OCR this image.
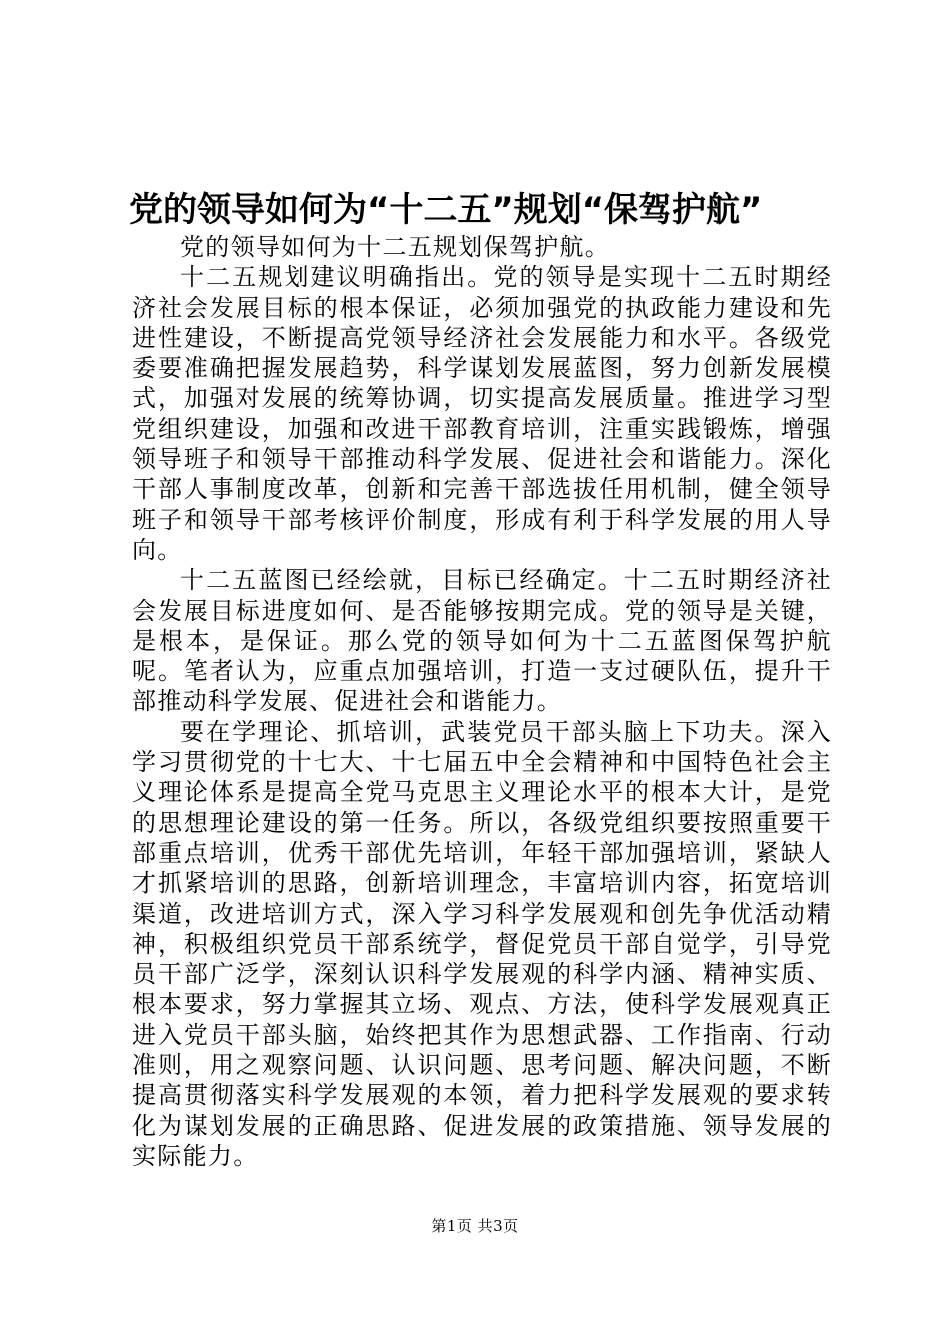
党的领导如何为“十二五”规划“保驾护航”

党的领导如何为十二五规划保驾护航。

十二五规划建议明确指出。党的领导是实现十二五时期经济社会发展目标的根本保证，必须加强党的执政能力建设和先进性建设，不断提高党领导经济社会发展能力和水平。各级党委要准确把握发展趋势，科学谋划发展蓝图，努力创新发展模式，加强对发展的统筹协调，切实提高发展质量。推进学习型党组织建设，加强和改进干部教育培训，注重实践锻炼，增强领导班子和领导干部推动科学发展、促进社会和谐能力。深化干部人事制度改革，创新和完善干部选拔任用机制，健全领导班子和领导干部考核评价制度，形成有利于科学发展的用人导向。

十二五蓝图已经绘就，目标已经确定。十二五时期经济社会发展目标进度如何、是否能够按期完成。党的领导是关键，是根本，是保证。那么党的领导如何为十二五蓝图保驾护航呢。笔者认为，应重点加强培训，打造一支过硬队伍，提升干部推动科学发展、促进社会和谐能力。

要在学理论、抓培训，武装党员干部头脑上下功夫。深入学习贯彻党的十七大、十七届五中全会精神和中国特色社会主义理论体系是提高全党马克思主义理论水平的根本大计，是党的思想理论建设的第一任务。所以，各级党组织要按照重要干部重点培训，优秀干部优先培训，年轻干部加强培训，紧缺人才抓紧培训的思路，创新培训理念，丰富培训内容，拓宽培训渠道，改进培训方式，深入学习科学发展观和创先争优活动精神，积极组织党员干部系统学，督促党员干部自觉学，引导党员干部广泛学，深刻认识科学发展观的科学内涵、精神实质、根本要求，努力掌握其立场、观点、方法，使科学发展观真正进入党员干部头脑，始终把其作为思想武器、工作指南、行动准则，用之观察问题、认识问题、思考问题、解决问题，不断提高贯彻落实科学发展观的本领，着力把科学发展观的要求转化为谋划发展的正确思路、促进发展的政策措施、领导发展的实际能力。

第1页 共3页
